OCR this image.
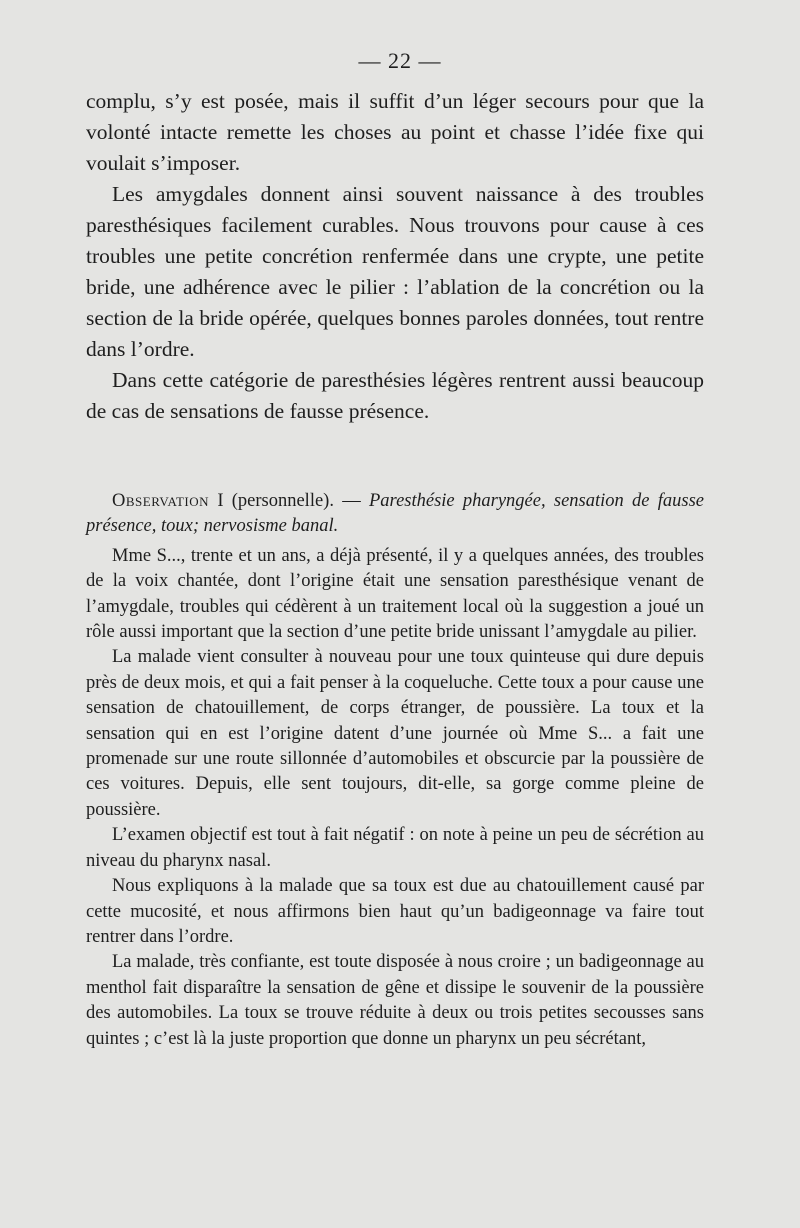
— 22 —

complu, s’y est posée, mais il suffit d’un léger secours pour que la volonté intacte remette les choses au point et chasse l’idée fixe qui voulait s’imposer.

Les amygdales donnent ainsi souvent naissance à des troubles paresthésiques facilement curables. Nous trouvons pour cause à ces troubles une petite concrétion renfermée dans une crypte, une petite bride, une adhérence avec le pilier : l’ablation de la concrétion ou la section de la bride opérée, quelques bonnes paroles données, tout rentre dans l’ordre.

Dans cette catégorie de paresthésies légères rentrent aussi beaucoup de cas de sensations de fausse présence.

Observation I (personnelle). — Paresthésie pharyngée, sensation de fausse présence, toux; nervosisme banal.

Mme S..., trente et un ans, a déjà présenté, il y a quelques années, des troubles de la voix chantée, dont l’origine était une sensation paresthésique venant de l’amygdale, troubles qui cédèrent à un traitement local où la suggestion a joué un rôle aussi important que la section d’une petite bride unissant l’amygdale au pilier.

La malade vient consulter à nouveau pour une toux quinteuse qui dure depuis près de deux mois, et qui a fait penser à la coqueluche. Cette toux a pour cause une sensation de chatouillement, de corps étranger, de poussière. La toux et la sensation qui en est l’origine datent d’une journée où Mme S... a fait une promenade sur une route sillonnée d’automobiles et obscurcie par la poussière de ces voitures. Depuis, elle sent toujours, dit-elle, sa gorge comme pleine de poussière.

L’examen objectif est tout à fait négatif : on note à peine un peu de sécrétion au niveau du pharynx nasal.

Nous expliquons à la malade que sa toux est due au chatouillement causé par cette mucosité, et nous affirmons bien haut qu’un badigeonnage va faire tout rentrer dans l’ordre.

La malade, très confiante, est toute disposée à nous croire ; un badigeonnage au menthol fait disparaître la sensation de gêne et dissipe le souvenir de la poussière des automobiles. La toux se trouve réduite à deux ou trois petites secousses sans quintes ; c’est là la juste proportion que donne un pharynx un peu sécrétant,
